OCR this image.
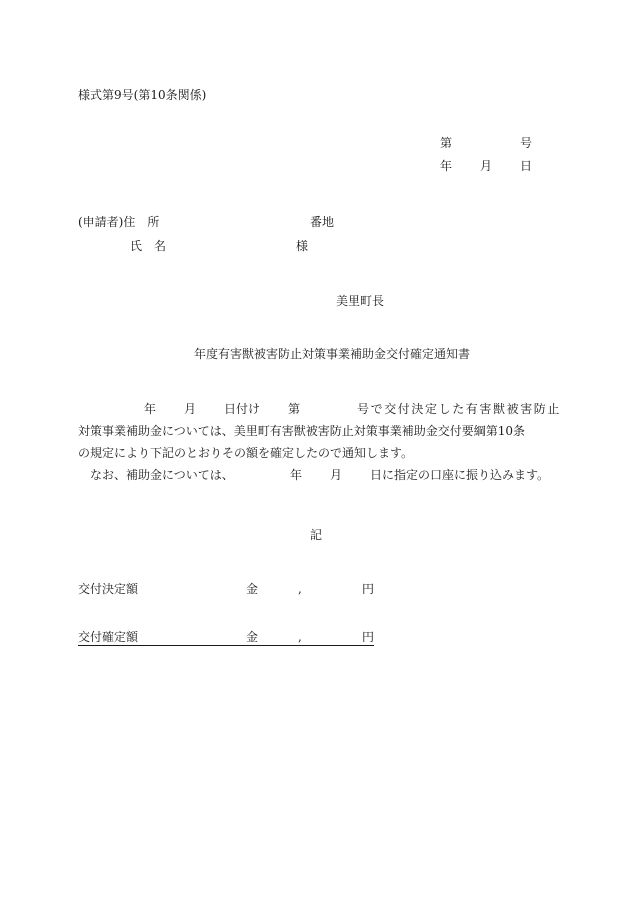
様式第9号(第10条関係)
第	号
年 月 日
(申請者)住　所	番地
氏　名	様
美里町長
年度有害獣被害防止対策事業補助金交付確定通知書

年 月 日付け 第	号で交付決定した有害獣被害防止

対策事業補助金については、美里町有害獣被害防止対策事業補助金交付要綱第10条

の規定により下記のとおりその額を確定したので通知します。

なお、補助金については、	年 月 日に指定の口座に振り込みます。

記
交付決定額	金	,	円
交付確定額	金	,	円
